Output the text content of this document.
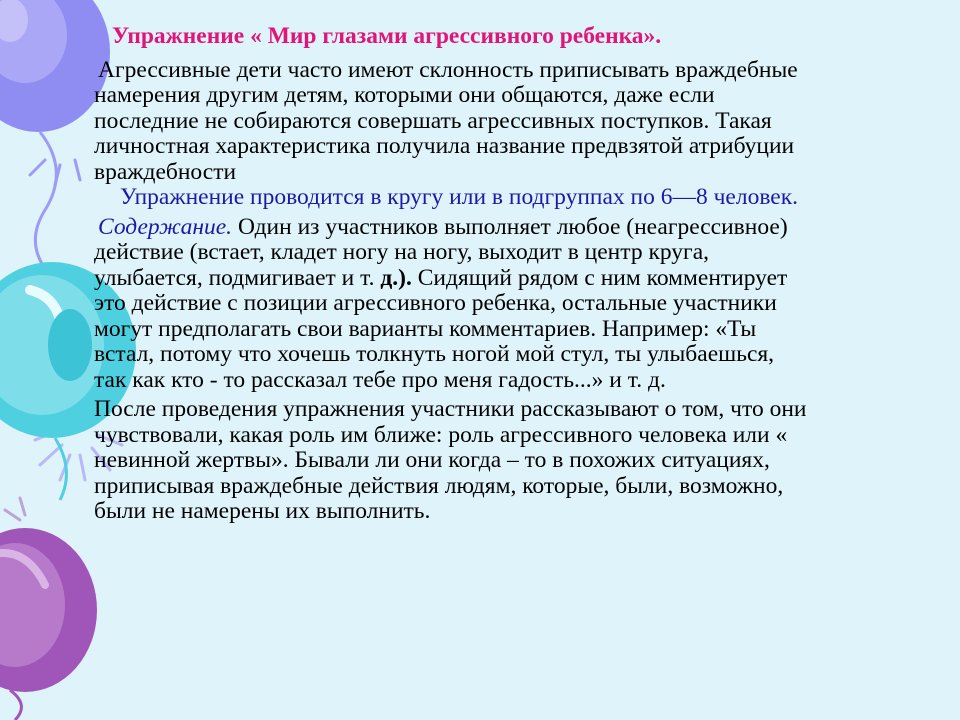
Упражнение « Мир глазами агрессивного ребенка».
Агрессивные дети часто имеют склонность приписывать враждебные
намерения другим детям, которыми они общаются, даже если
последние не собираются совершать агрессивных поступков. Такая
личностная характеристика получила название предвзятой атрибуции
враждебности
Упражнение проводится в кругу или в подгруппах по 6—8 человек.
Содержание. Один из участников выполняет любое (неагрессивное)
действие (встает, кладет ногу на ногу, выходит в центр круга,
улыбается, подмигивает и т. д.). Сидящий рядом с ним комментирует
это действие с позиции агрессивного ребенка, остальные участники
могут предполагать свои варианты комментариев. Например: «Ты
встал, потому что хочешь толкнуть ногой мой стул, ты улыбаешься,
так как кто - то рассказал тебе про меня гадость...» и т. д.
После проведения упражнения участники рассказывают о том, что они
чувствовали, какая роль им ближе: роль агрессивного человека или «
невинной жертвы». Бывали ли они когда – то в похожих ситуациях,
приписывая враждебные действия людям, которые, были, возможно,
были не намерены их выполнить.
